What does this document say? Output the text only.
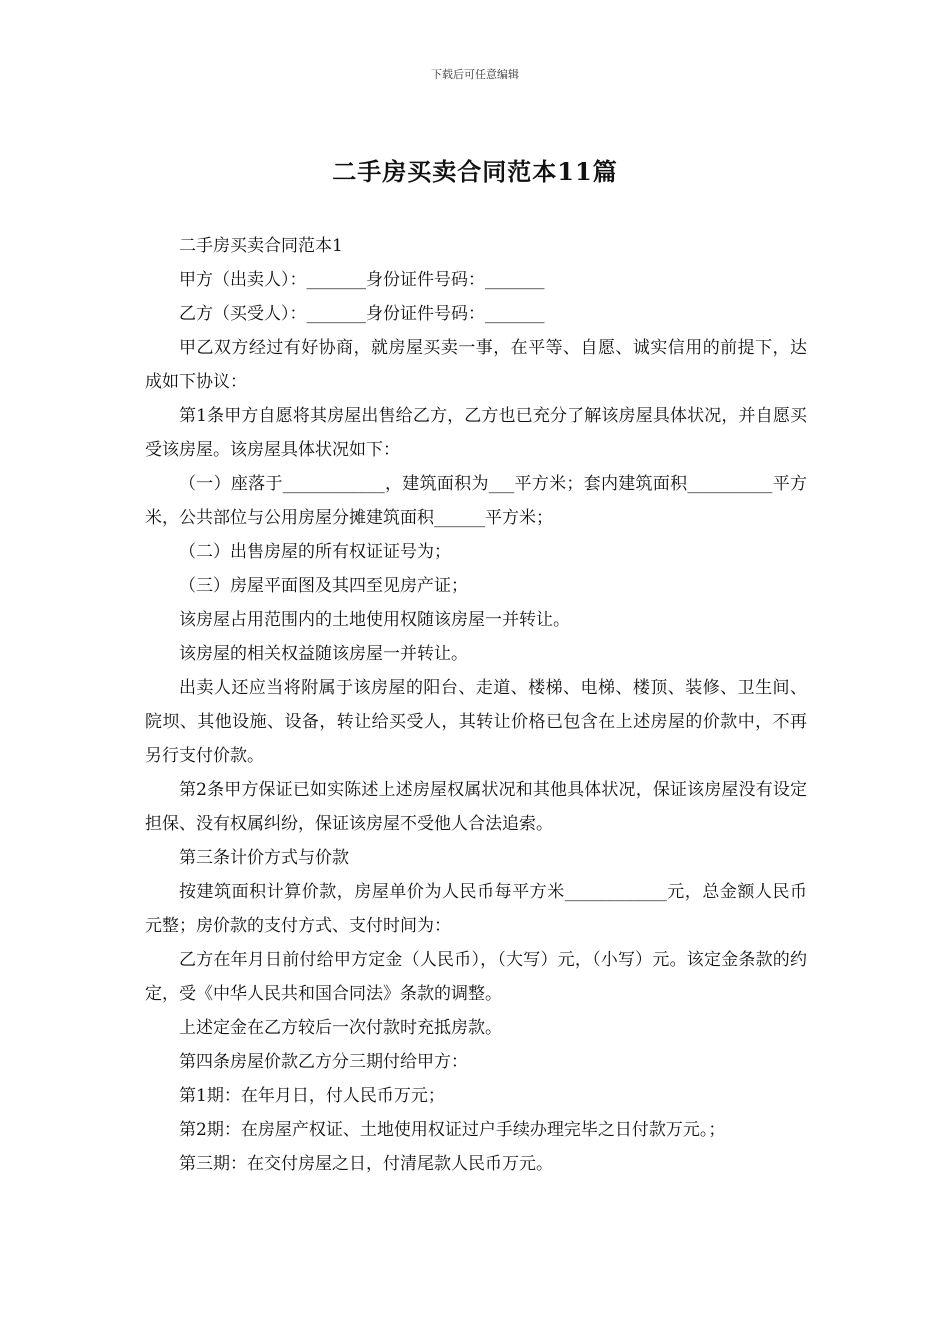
下载后可任意编辑
二手房买卖合同范本11篇

二手房买卖合同范本1

甲方（出卖人）：_______身份证件号码：_______

乙方（买受人）：_______身份证件号码：_______

甲乙双方经过有好协商，就房屋买卖一事，在平等、自愿、诚实信用的前提下，达成如下协议：

第1条甲方自愿将其房屋出售给乙方，乙方也已充分了解该房屋具体状况，并自愿买受该房屋。该房屋具体状况如下：

（一）座落于____________，建筑面积为___平方米；套内建筑面积__________平方米，公共部位与公用房屋分摊建筑面积______平方米；

（二）出售房屋的所有权证证号为；

（三）房屋平面图及其四至见房产证；

该房屋占用范围内的土地使用权随该房屋一并转让。

该房屋的相关权益随该房屋一并转让。

出卖人还应当将附属于该房屋的阳台、走道、楼梯、电梯、楼顶、装修、卫生间、院坝、其他设施、设备，转让给买受人，其转让价格已包含在上述房屋的价款中，不再另行支付价款。

第2条甲方保证已如实陈述上述房屋权属状况和其他具体状况，保证该房屋没有设定担保、没有权属纠纷，保证该房屋不受他人合法追索。

第三条计价方式与价款

按建筑面积计算价款，房屋单价为人民币每平方米____________元，总金额人民币元整；房价款的支付方式、支付时间为：

乙方在年月日前付给甲方定金（人民币），（大写）元，（小写）元。该定金条款的约定，受《中华人民共和国合同法》条款的调整。

上述定金在乙方较后一次付款时充抵房款。

第四条房屋价款乙方分三期付给甲方：

第1期：在年月日，付人民币万元；

第2期：在房屋产权证、土地使用权证过户手续办理完毕之日付款万元。；

第三期：在交付房屋之日，付清尾款人民币万元。
